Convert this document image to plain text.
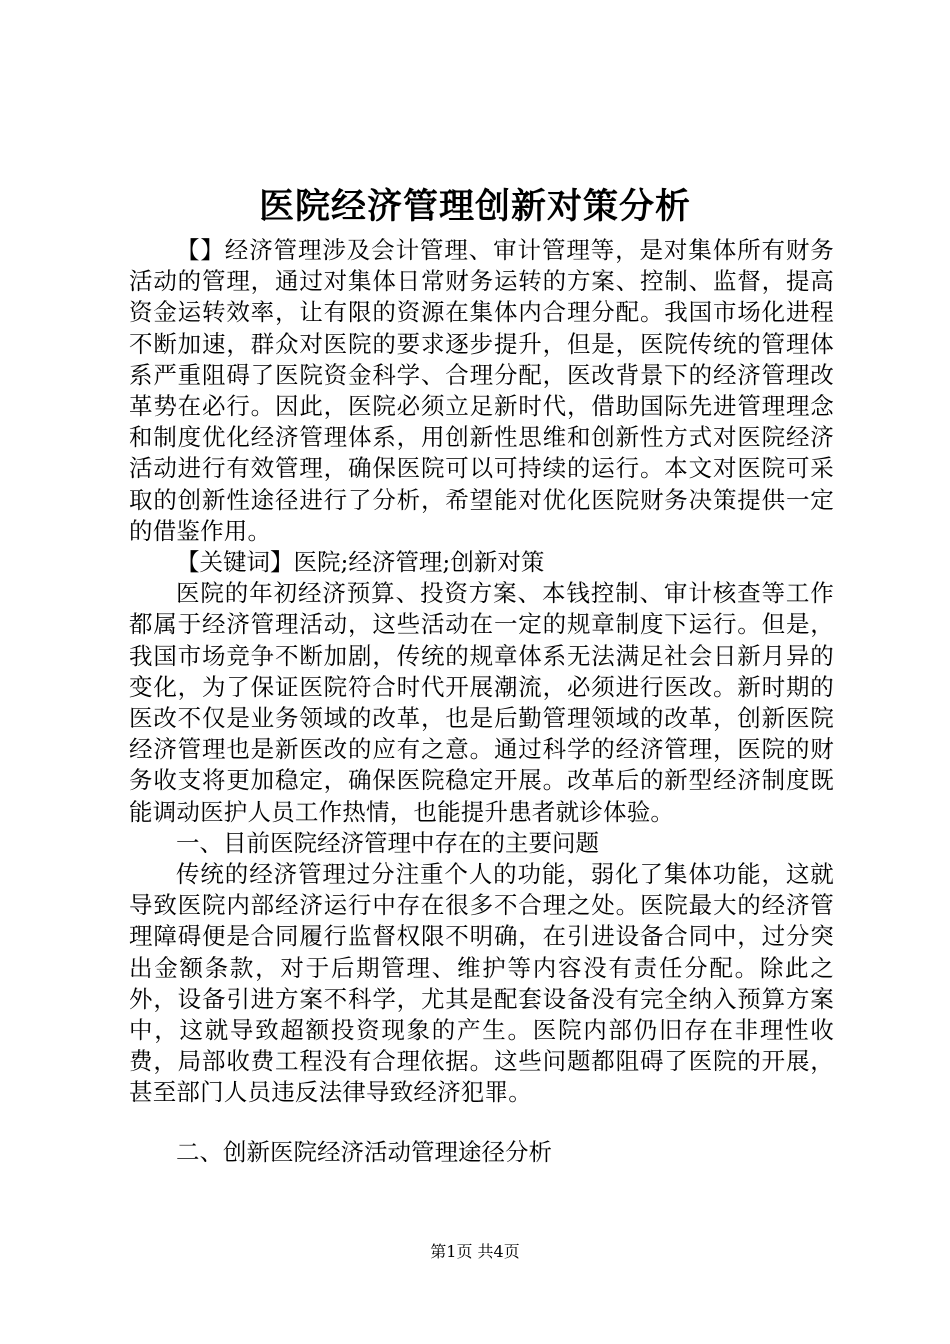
医院经济管理创新对策分析

【】经济管理涉及会计管理、审计管理等，是对集体所有财务活动的管理，通过对集体日常财务运转的方案、控制、监督，提高资金运转效率，让有限的资源在集体内合理分配。我国市场化进程不断加速，群众对医院的要求逐步提升，但是，医院传统的管理体系严重阻碍了医院资金科学、合理分配，医改背景下的经济管理改革势在必行。因此，医院必须立足新时代，借助国际先进管理理念和制度优化经济管理体系，用创新性思维和创新性方式对医院经济活动进行有效管理，确保医院可以可持续的运行。本文对医院可采取的创新性途径进行了分析，希望能对优化医院财务决策提供一定的借鉴作用。

【关键词】医院;经济管理;创新对策

医院的年初经济预算、投资方案、本钱控制、审计核查等工作都属于经济管理活动，这些活动在一定的规章制度下运行。但是，我国市场竞争不断加剧，传统的规章体系无法满足社会日新月异的变化，为了保证医院符合时代开展潮流，必须进行医改。新时期的医改不仅是业务领域的改革，也是后勤管理领域的改革，创新医院经济管理也是新医改的应有之意。通过科学的经济管理，医院的财务收支将更加稳定，确保医院稳定开展。改革后的新型经济制度既能调动医护人员工作热情，也能提升患者就诊体验。

一、目前医院经济管理中存在的主要问题

传统的经济管理过分注重个人的功能，弱化了集体功能，这就导致医院内部经济运行中存在很多不合理之处。医院最大的经济管理障碍便是合同履行监督权限不明确，在引进设备合同中，过分突出金额条款，对于后期管理、维护等内容没有责任分配。除此之外，设备引进方案不科学，尤其是配套设备没有完全纳入预算方案中，这就导致超额投资现象的产生。医院内部仍旧存在非理性收费，局部收费工程没有合理依据。这些问题都阻碍了医院的开展，甚至部门人员违反法律导致经济犯罪。

二、创新医院经济活动管理途径分析

第1页 共4页
